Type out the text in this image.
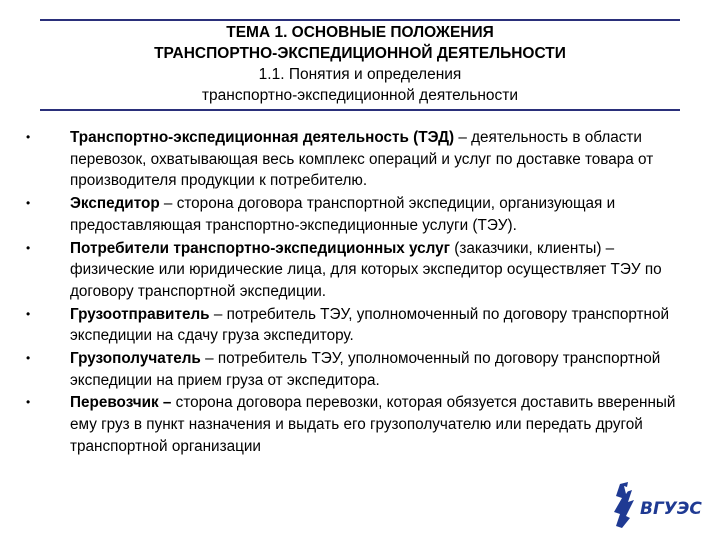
ТЕМА 1. ОСНОВНЫЕ ПОЛОЖЕНИЯ
ТРАНСПОРТНО-ЭКСПЕДИЦИОННОЙ ДЕЯТЕЛЬНОСТИ
1.1. Понятия и определения
транспортно-экспедиционной деятельности
•	Транспортно-экспедиционная деятельность (ТЭД) – деятельность в области перевозок, охватывающая весь комплекс операций и услуг по доставке товара от производителя продукции к потребителю.
•	Экспедитор – сторона договора транспортной экспедиции, организующая и предоставляющая транспортно-экспедиционные услуги (ТЭУ).
•	Потребители транспортно-экспедиционных услуг (заказчики, клиенты) – физические или юридические лица, для которых экспедитор осуществляет ТЭУ по договору транспортной экспедиции.
•	Грузоотправитель – потребитель ТЭУ, уполномоченный по договору транспортной экспедиции на сдачу груза экспедитору.
•	Грузополучатель – потребитель ТЭУ, уполномоченный по договору транспортной экспедиции на прием груза от экспедитора.
•	Перевозчик – сторона договора перевозки, которая обязуется доставить вверенный ему груз в пункт назначения и выдать его грузополучателю или передать другой транспортной организации
ВГУЭС
